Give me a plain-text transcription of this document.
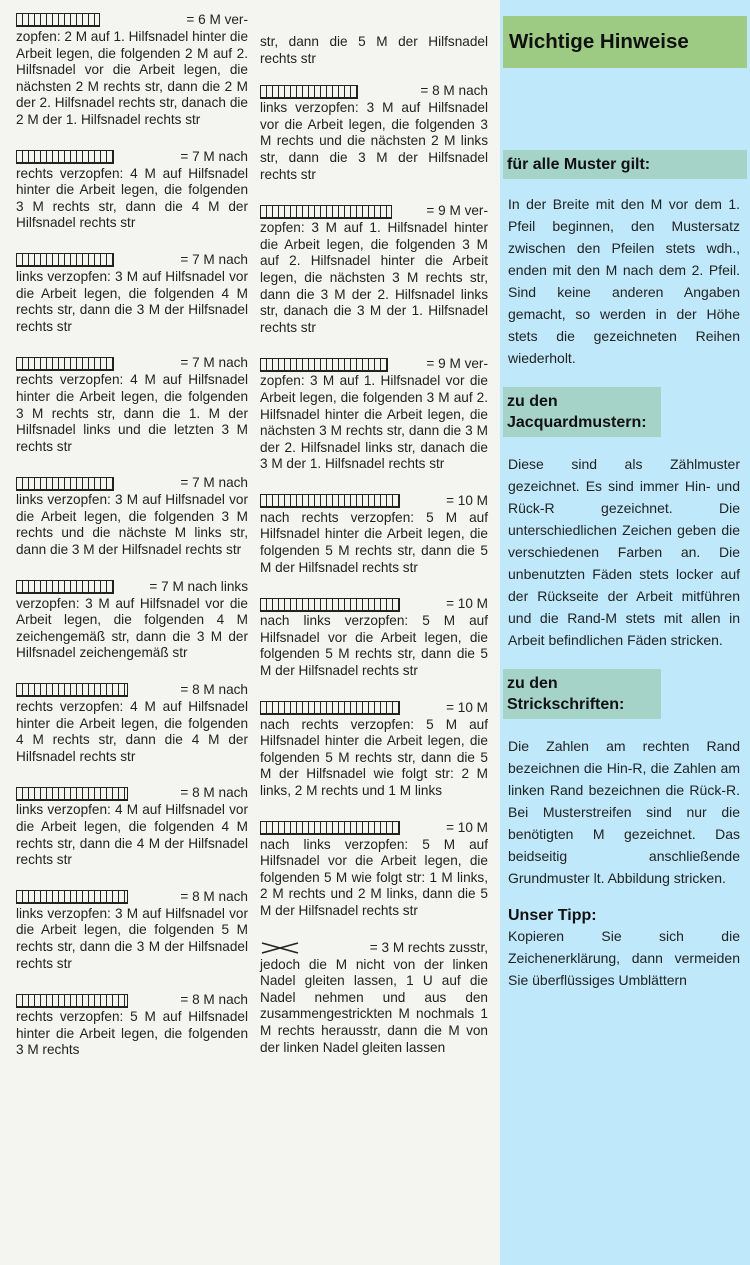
= 6 M ver-
zopfen: 2 M auf 1. Hilfsnadel hinter die Arbeit legen, die folgenden 2 M auf 2. Hilfsnadel vor die Arbeit legen, die nächsten 2 M rechts str, dann die 2 M der 2. Hilfsnadel rechts str, danach die 2 M der 1. Hilfsnadel rechts str
= 7 M nach
rechts verzopfen: 4 M auf Hilfsnadel hinter die Arbeit legen, die folgenden 3 M rechts str, dann die 4 M der Hilfsnadel rechts str
= 7 M nach
links verzopfen: 3 M auf Hilfsnadel vor die Arbeit legen, die folgenden 4 M rechts str, dann die 3 M der Hilfsnadel rechts str
= 7 M nach
rechts verzopfen: 4 M auf Hilfsnadel hinter die Arbeit legen, die folgenden 3 M rechts str, dann die 1. M der Hilfsnadel links und die letzten 3 M rechts str
= 7 M nach
links verzopfen: 3 M auf Hilfsnadel vor die Arbeit legen, die folgenden 3 M rechts und die nächste M links str, dann die 3 M der Hilfsnadel rechts str
= 7 M nach links
verzopfen: 3 M auf Hilfsnadel vor die Arbeit legen, die folgenden 4 M zeichengemäß str, dann die 3 M der Hilfsnadel zeichengemäß str
= 8 M nach
rechts verzopfen: 4 M auf Hilfsnadel hinter die Arbeit legen, die folgenden 4 M rechts str, dann die 4 M der Hilfsnadel rechts str
= 8 M nach
links verzopfen: 4 M auf Hilfsnadel vor die Arbeit legen, die folgenden 4 M rechts str, dann die 4 M der Hilfsnadel rechts str
= 8 M nach
links verzopfen: 3 M auf Hilfsnadel vor die Arbeit legen, die folgenden 5 M rechts str, dann die 3 M der Hilfsnadel rechts str
= 8 M nach
rechts verzopfen: 5 M auf Hilfsnadel hinter die Arbeit legen, die folgenden 3 M rechts
str, dann die 5 M der Hilfsnadel rechts str
= 8 M nach
links verzopfen: 3 M auf Hilfsnadel vor die Arbeit legen, die folgenden 3 M rechts und die nächsten 2 M links str, dann die 3 M der Hilfsnadel rechts str
= 9 M ver-
zopfen: 3 M auf 1. Hilfsnadel hinter die Arbeit legen, die folgenden 3 M auf 2. Hilfsnadel hinter die Arbeit legen, die nächsten 3 M rechts str, dann die 3 M der 2. Hilfsnadel links str, danach die 3 M der 1. Hilfsnadel rechts str
= 9 M ver-
zopfen: 3 M auf 1. Hilfsnadel vor die Arbeit legen, die folgenden 3 M auf 2. Hilfsnadel hinter die Arbeit legen, die nächsten 3 M rechts str, dann die 3 M der 2. Hilfsnadel links str, danach die 3 M der 1. Hilfsnadel rechts str
= 10 M
nach rechts verzopfen: 5 M auf Hilfsnadel hinter die Arbeit legen, die folgenden 5 M rechts str, dann die 5 M der Hilfsnadel rechts str
= 10 M
nach links verzopfen: 5 M auf Hilfsnadel vor die Arbeit legen, die folgenden 5 M rechts str, dann die 5 M der Hilfsnadel rechts str
= 10 M
nach rechts verzopfen: 5 M auf Hilfsnadel hinter die Arbeit legen, die folgenden 5 M rechts str, dann die 5 M der Hilfsnadel wie folgt str: 2 M links, 2 M rechts und 1 M links
= 10 M
nach links verzopfen: 5 M auf Hilfsnadel vor die Arbeit legen, die folgenden 5 M wie folgt str: 1 M links, 2 M rechts und 2 M links, dann die 5 M der Hilfsnadel rechts str
= 3 M rechts zusstr,
jedoch die M nicht von der linken Nadel gleiten lassen, 1 U auf die Nadel nehmen und aus den zusammengestrickten M nochmals 1 M rechts herausstr, dann die M von der linken Nadel gleiten lassen
Wichtige Hinweise
für alle Muster gilt:
In der Breite mit den M vor dem 1. Pfeil beginnen, den Mustersatz zwischen den Pfeilen stets wdh., enden mit den M nach dem 2. Pfeil. Sind keine anderen Angaben gemacht, so werden in der Höhe stets die gezeichneten Reihen wiederholt.
zu den Jacquardmustern:
Diese sind als Zählmuster gezeichnet. Es sind immer Hin- und Rück-R gezeichnet. Die unterschiedlichen Zeichen geben die verschiedenen Farben an. Die unbenutzten Fäden stets locker auf der Rückseite der Arbeit mitführen und die Rand-M stets mit allen in Arbeit befindlichen Fäden stricken.
zu den Strickschriften:
Die Zahlen am rechten Rand bezeichnen die Hin-R, die Zahlen am linken Rand bezeichnen die Rück-R. Bei Musterstreifen sind nur die benötigten M gezeichnet. Das beidseitig anschließende Grundmuster lt. Abbildung stricken.
Unser Tipp:
Kopieren Sie sich die Zeichenerklärung, dann vermeiden Sie überflüssiges Umblättern
